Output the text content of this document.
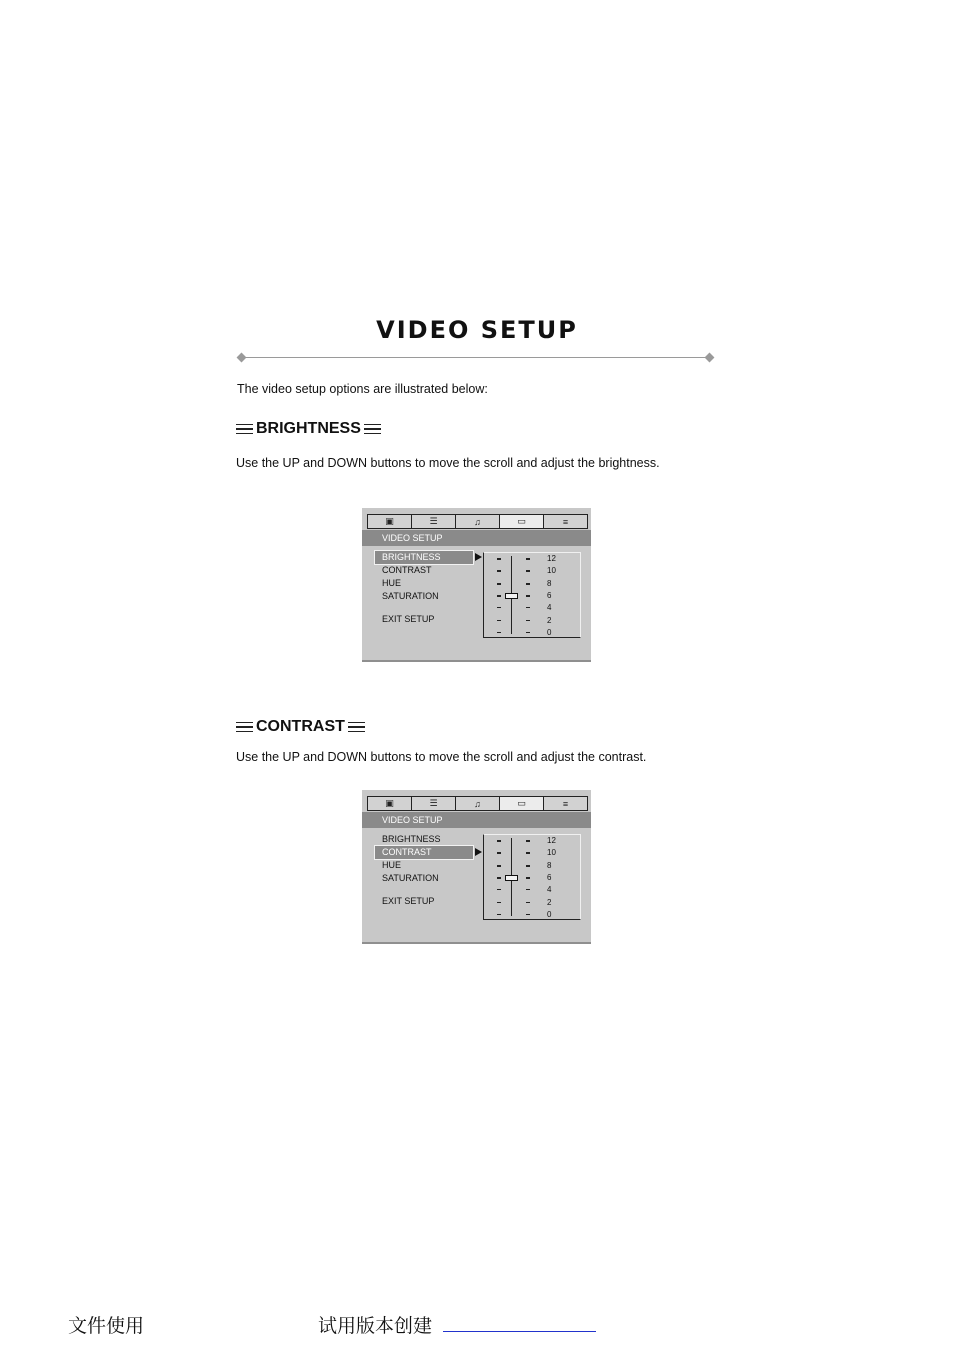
VIDEO SETUP
The video setup options are illustrated below:
BRIGHTNESS
Use the UP and DOWN buttons to move the scroll and adjust the brightness.
▣	☰	♫	▭	≡
VIDEO SETUP
BRIGHTNESS
CONTRAST
HUE
SATURATION
EXIT SETUP
12
10
8
6
4
2
0
CONTRAST
Use the UP and DOWN buttons to move the scroll and adjust the contrast.
▣	☰	♫	▭	≡
VIDEO SETUP
BRIGHTNESS
CONTRAST
HUE
SATURATION
EXIT SETUP
12
10
8
6
4
2
0
文件使用	试用版本创建
